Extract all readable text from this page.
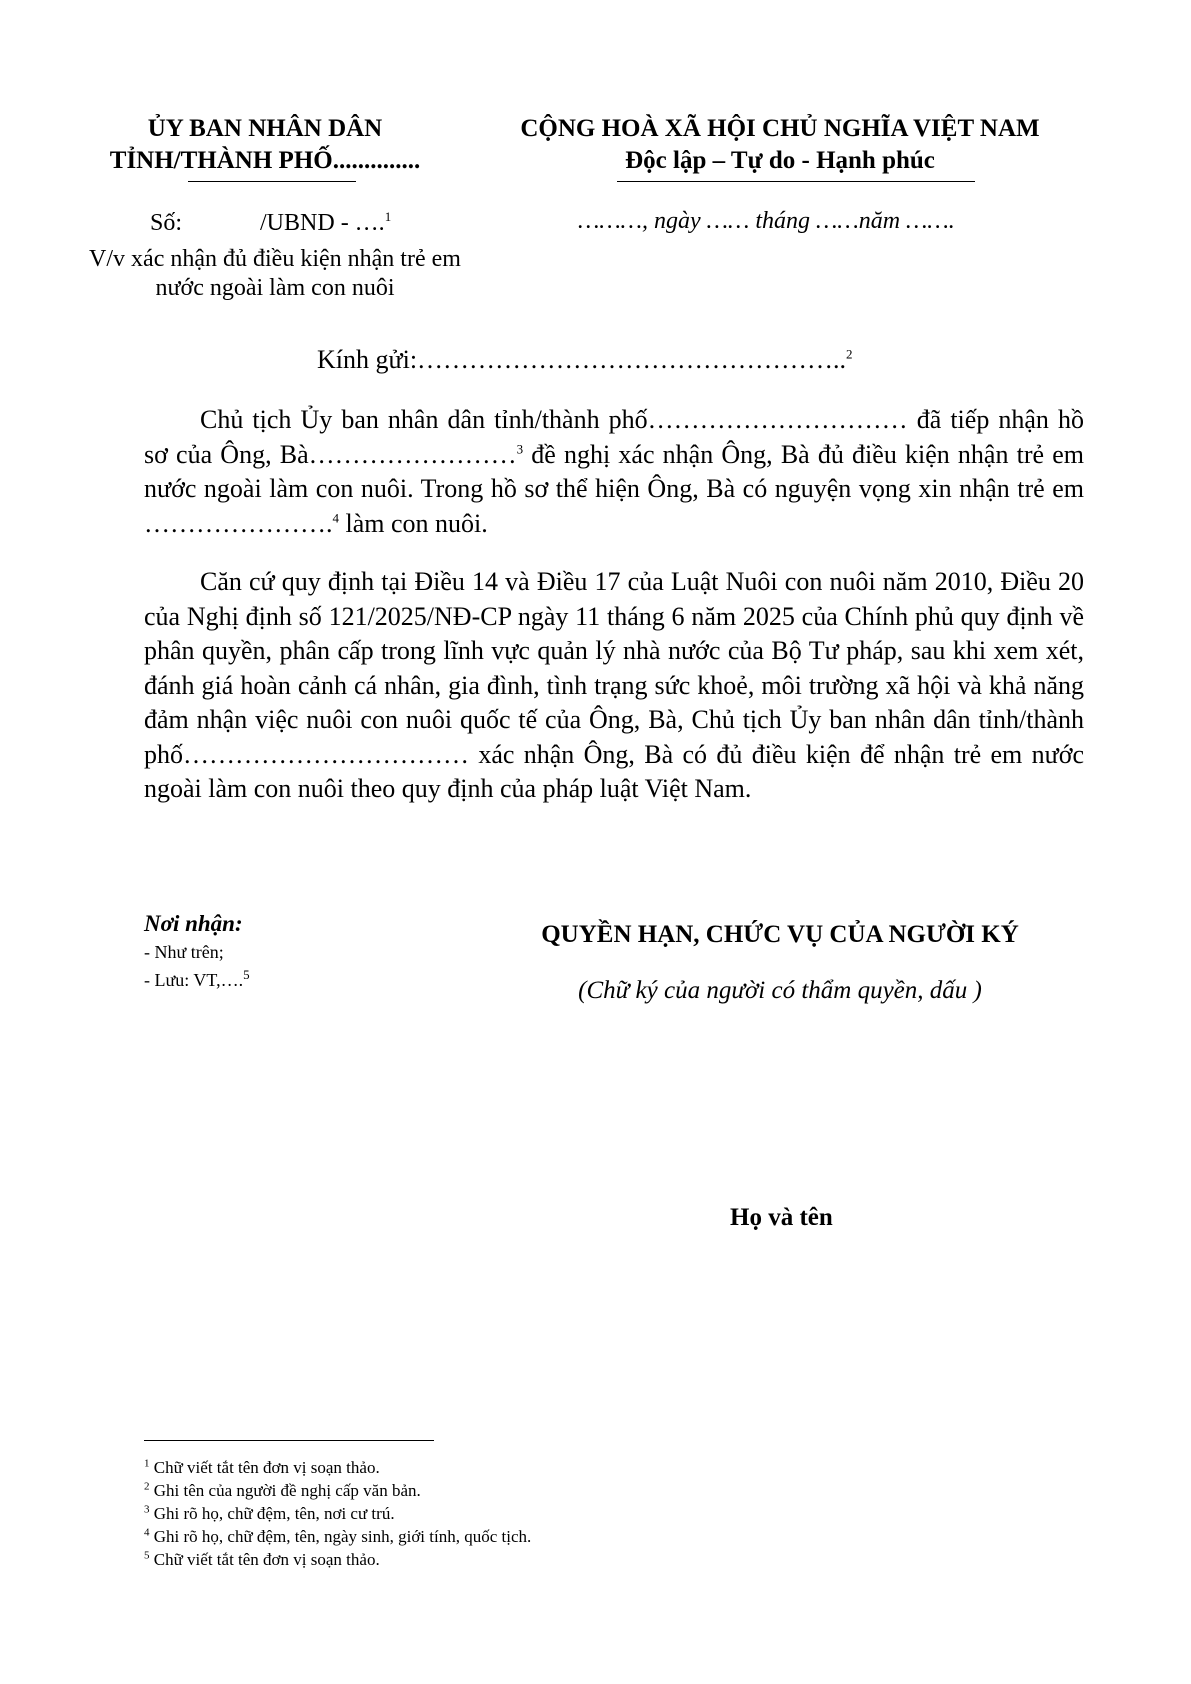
ỦY BAN NHÂN DÂN
TỈNH/THÀNH PHỐ..............
CỘNG HOÀ XÃ HỘI CHỦ NGHĨA VIỆT NAM
Độc lập – Tự do - Hạnh phúc
Số:	/UBND - ….$^1$
V/v xác nhận đủ điều kiện nhận trẻ em
nước ngoài làm con nuôi
………, ngày …… tháng ……năm …….
Kính gửi:…………………………………………..$^2$

Chủ tịch Ủy ban nhân dân tỉnh/thành phố………………………… đã tiếp nhận hồ sơ của Ông, Bà……………………$^3$ đề nghị xác nhận Ông, Bà đủ điều kiện nhận trẻ em nước ngoài làm con nuôi. Trong hồ sơ thể hiện Ông, Bà có nguyện vọng xin nhận trẻ em ………………….$^4$ làm con nuôi.

Căn cứ quy định tại Điều 14 và Điều 17 của Luật Nuôi con nuôi năm 2010, Điều 20 của Nghị định số 121/2025/NĐ-CP ngày 11 tháng 6 năm 2025 của Chính phủ quy định về phân quyền, phân cấp trong lĩnh vực quản lý nhà nước của Bộ Tư pháp, sau khi xem xét, đánh giá hoàn cảnh cá nhân, gia đình, tình trạng sức khoẻ, môi trường xã hội và khả năng đảm nhận việc nuôi con nuôi quốc tế của Ông, Bà, Chủ tịch Ủy ban nhân dân tỉnh/thành phố…………………………… xác nhận Ông, Bà có đủ điều kiện để nhận trẻ em nước ngoài làm con nuôi theo quy định của pháp luật Việt Nam.

Nơi nhận:
- Như trên;
- Lưu: VT,….$^5$
QUYỀN HẠN, CHỨC VỤ CỦA NGƯỜI KÝ
(Chữ ký của người có thẩm quyền, dấu )
Họ và tên
$^1$ Chữ viết tắt tên đơn vị soạn thảo.
$^2$ Ghi tên của người đề nghị cấp văn bản.
$^3$ Ghi rõ họ, chữ đệm, tên, nơi cư trú.
$^4$ Ghi rõ họ, chữ đệm, tên, ngày sinh, giới tính, quốc tịch.
$^5$ Chữ viết tắt tên đơn vị soạn thảo.
